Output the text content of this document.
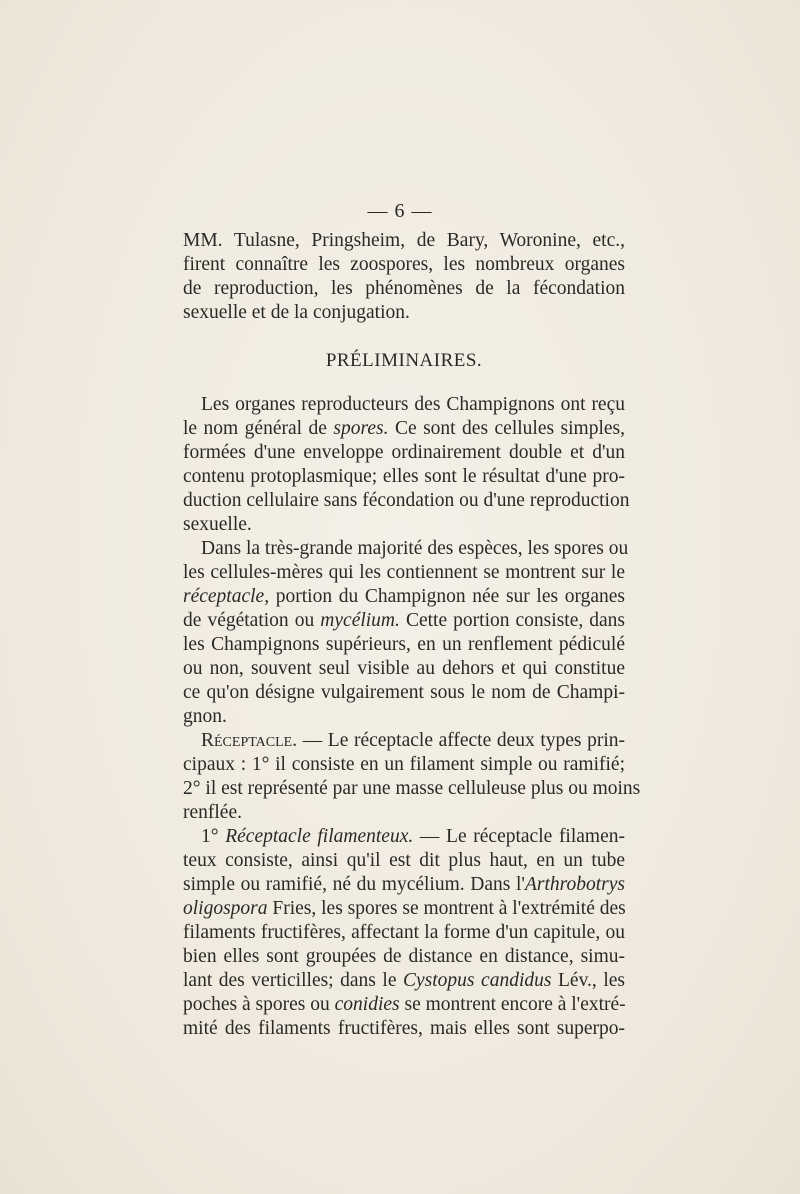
— 6 —
MM. Tulasne, Pringsheim, de Bary, Woronine, etc.,
firent connaître les zoospores, les nombreux organes
de reproduction, les phénomènes de la fécondation
sexuelle et de la conjugation.
PRÉLIMINAIRES.
Les organes reproducteurs des Champignons ont reçu
le nom général de spores. Ce sont des cellules simples,
formées d'une enveloppe ordinairement double et d'un
contenu protoplasmique; elles sont le résultat d'une pro-
duction cellulaire sans fécondation ou d'une reproduction
sexuelle.
Dans la très-grande majorité des espèces, les spores ou
les cellules-mères qui les contiennent se montrent sur le
réceptacle, portion du Champignon née sur les organes
de végétation ou mycélium. Cette portion consiste, dans
les Champignons supérieurs, en un renflement pédiculé
ou non, souvent seul visible au dehors et qui constitue
ce qu'on désigne vulgairement sous le nom de Champi-
gnon.
Réceptacle. — Le réceptacle affecte deux types prin-
cipaux : 1° il consiste en un filament simple ou ramifié;
2° il est représenté par une masse celluleuse plus ou moins
renflée.
1° Réceptacle filamenteux. — Le réceptacle filamen-
teux consiste, ainsi qu'il est dit plus haut, en un tube
simple ou ramifié, né du mycélium. Dans l'Arthrobotrys
oligospora Fries, les spores se montrent à l'extrémité des
filaments fructifères, affectant la forme d'un capitule, ou
bien elles sont groupées de distance en distance, simu-
lant des verticilles; dans le Cystopus candidus Lév., les
poches à spores ou conidies se montrent encore à l'extré-
mité des filaments fructifères, mais elles sont superpo-
